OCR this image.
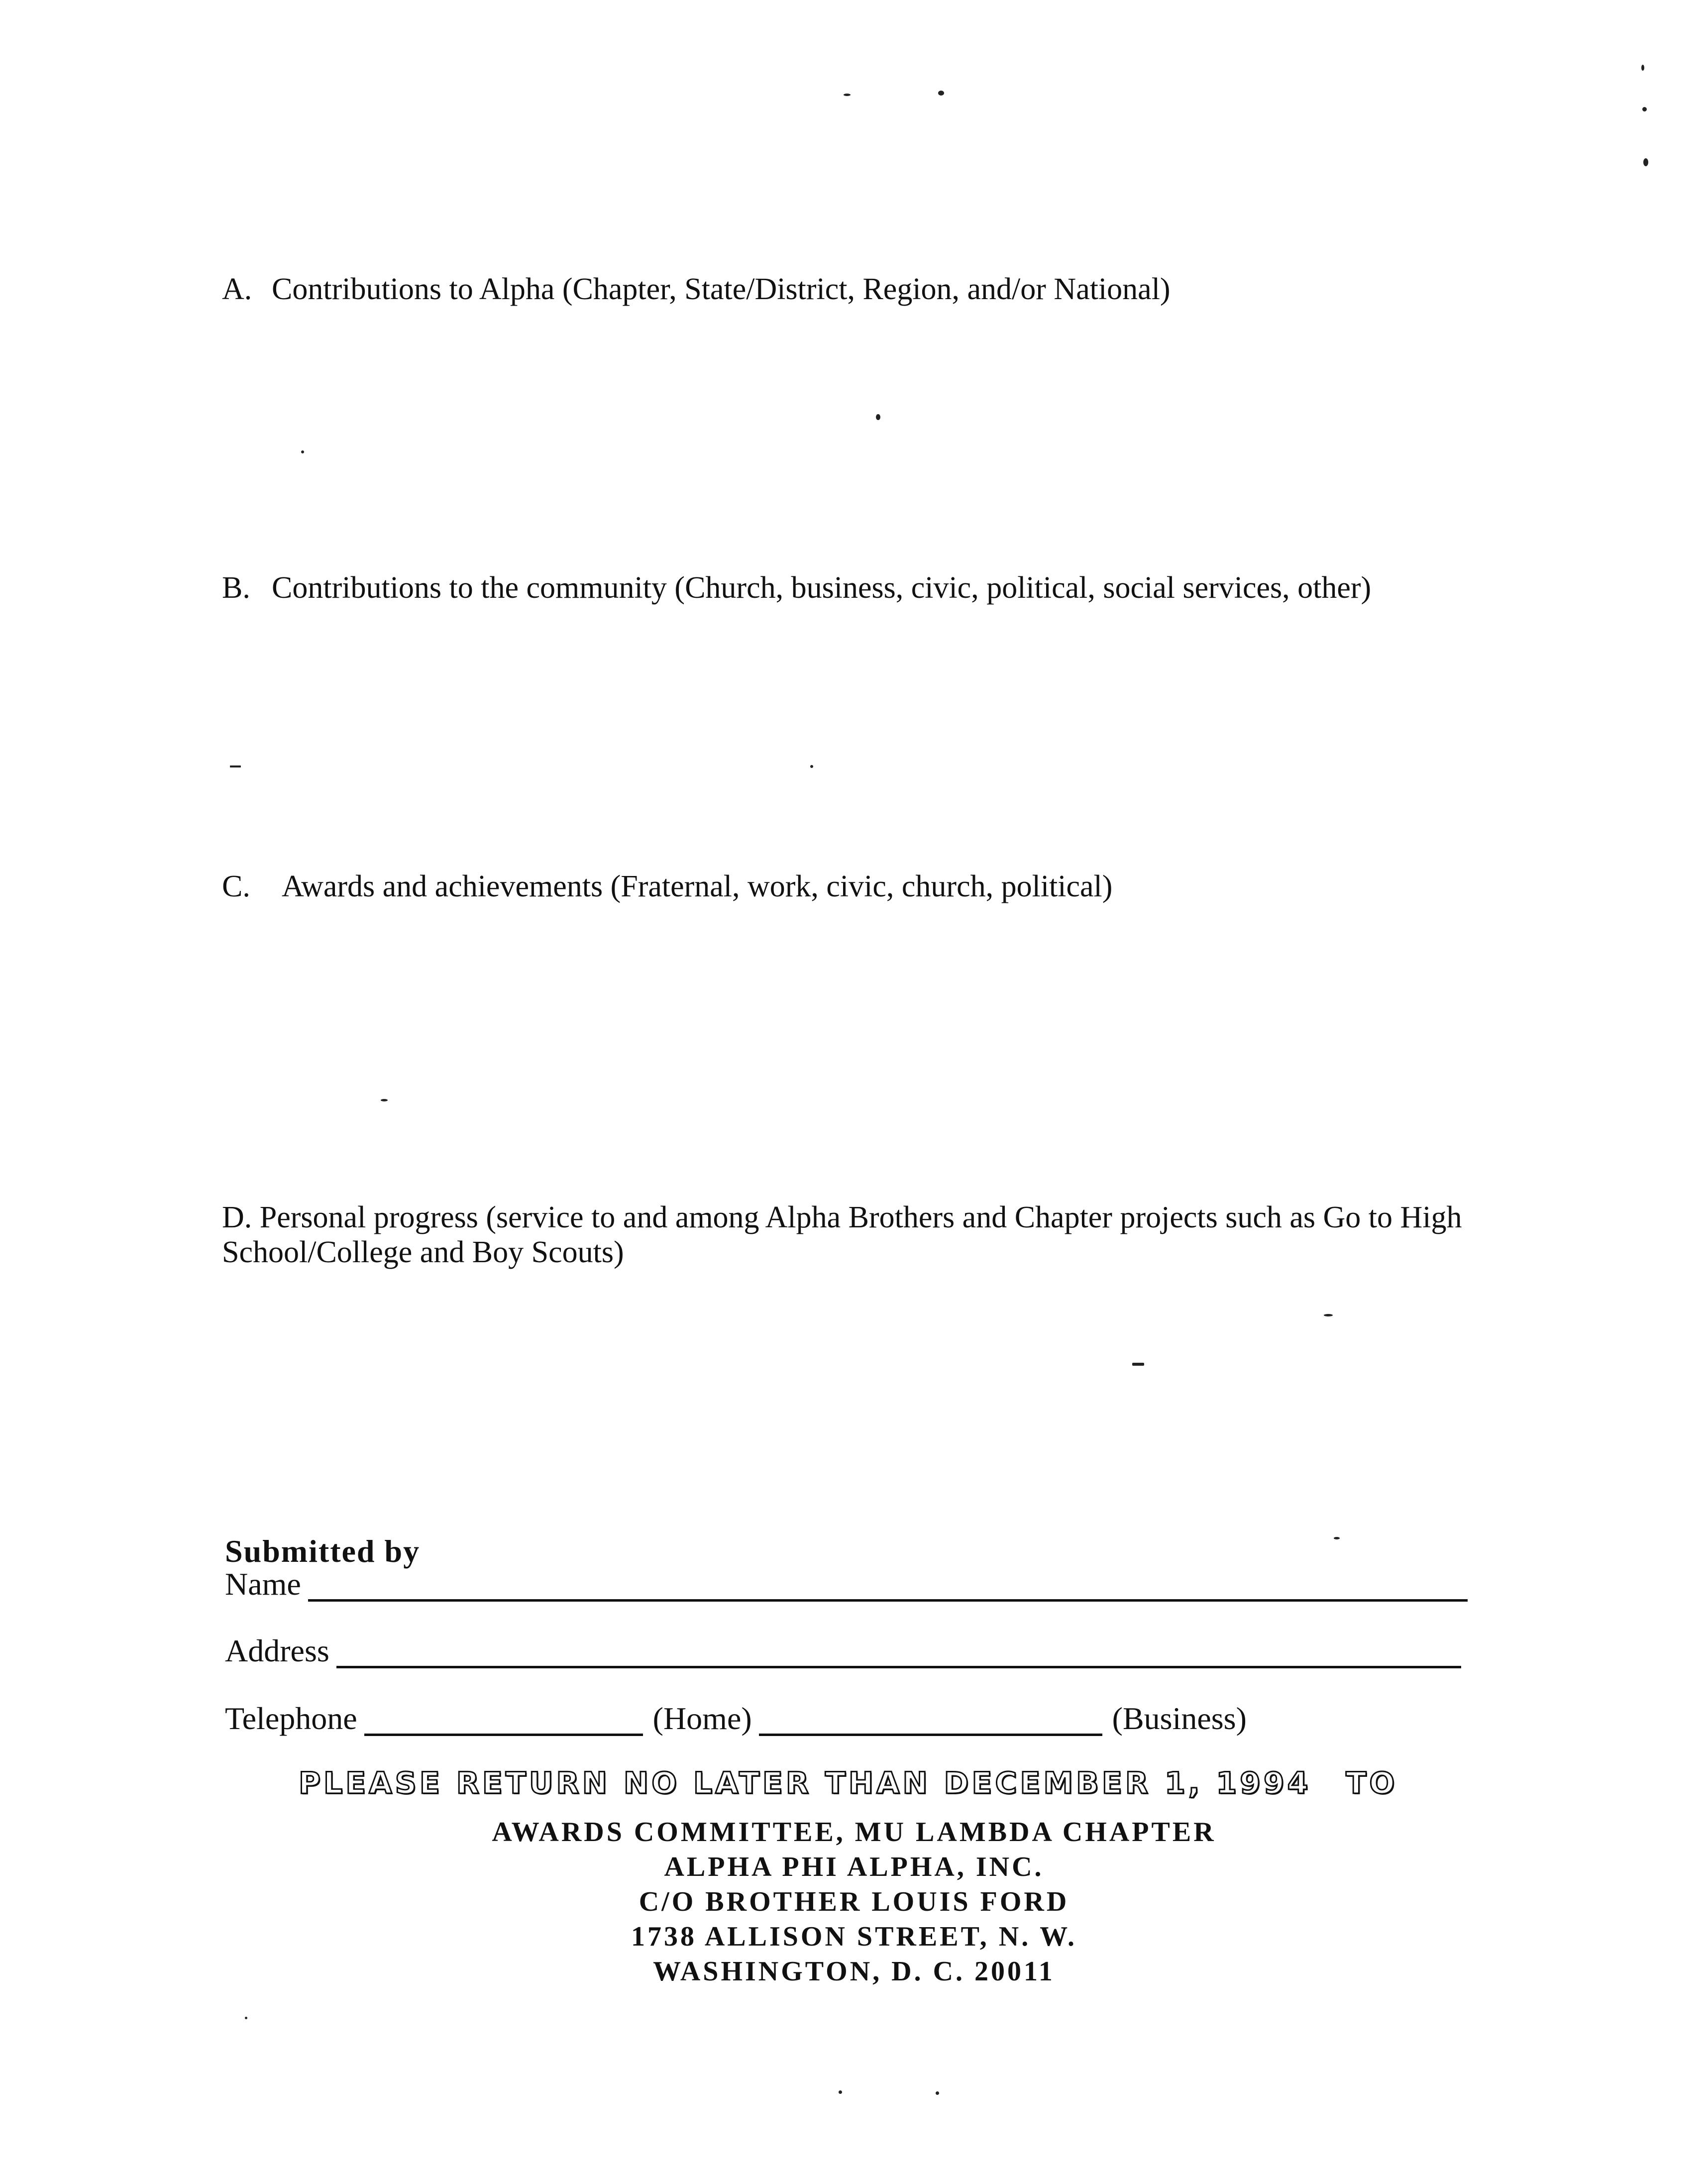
A. Contributions to Alpha (Chapter, State/District, Region, and/or National)
B. Contributions to the community (Church, business, civic, political, social services, other)
C. Awards and achievements (Fraternal, work, civic, church, political)
D. Personal progress (service to and among Alpha Brothers and Chapter projects such as Go to High School/College and Boy Scouts)
Submitted by
Name
Address
Telephone	(Home)	(Business)
PLEASE RETURN NO LATER THAN DECEMBER 1, 1994 TO
AWARDS COMMITTEE, MU LAMBDA CHAPTER
ALPHA PHI ALPHA, INC.
C/O BROTHER LOUIS FORD
1738 ALLISON STREET, N. W.
WASHINGTON, D. C. 20011
